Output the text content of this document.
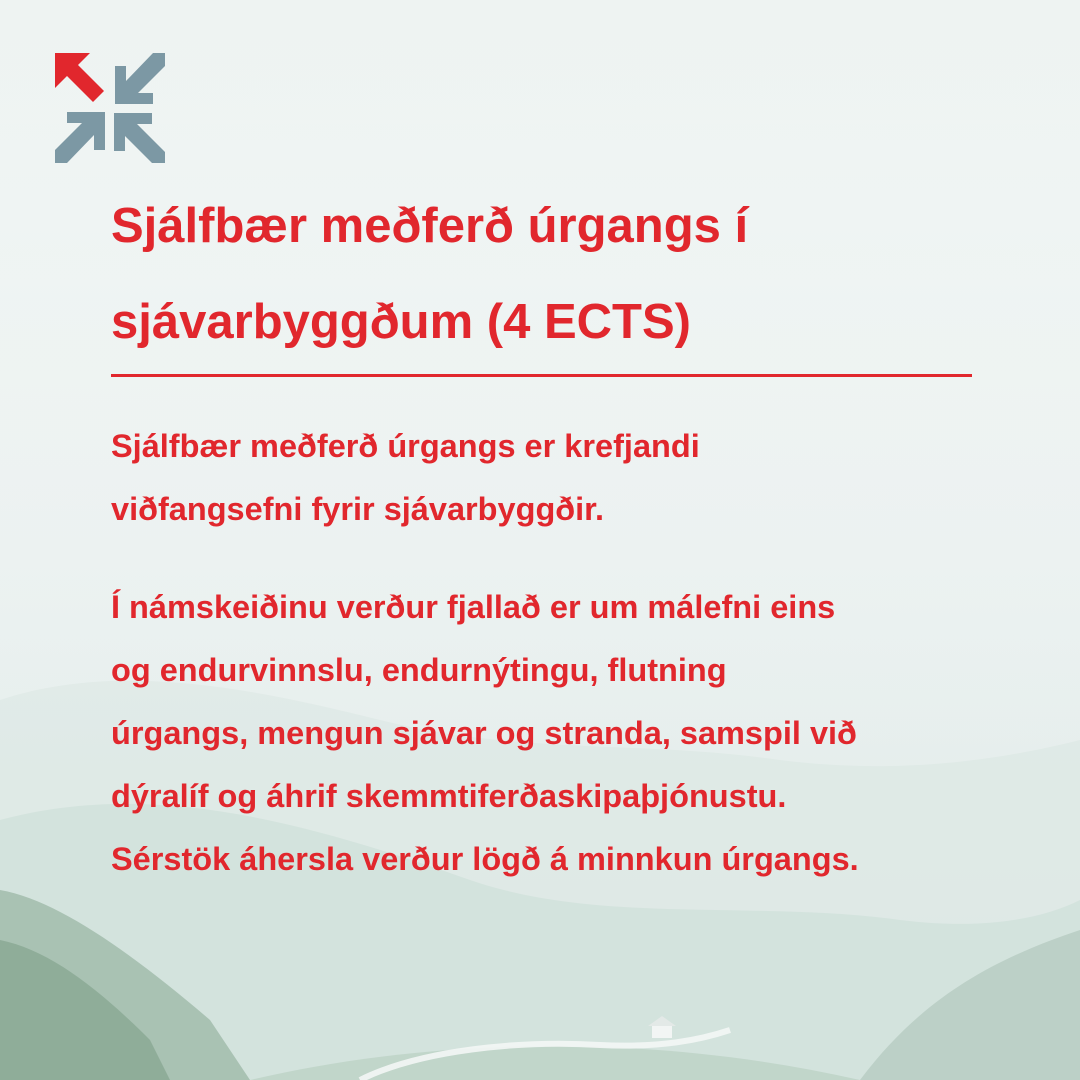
Sjálfbær meðferð úrgangs í
sjávarbyggðum (4 ECTS)

Sjálfbær meðferð úrgangs er krefjandi
viðfangsefni fyrir sjávarbyggðir.

Í námskeiðinu verður fjallað er um málefni eins
og endurvinnslu, endurnýtingu, flutning
úrgangs, mengun sjávar og stranda, samspil við
dýralíf og áhrif skemmtiferðaskipaþjónustu.
Sérstök áhersla verður lögð á minnkun úrgangs.
